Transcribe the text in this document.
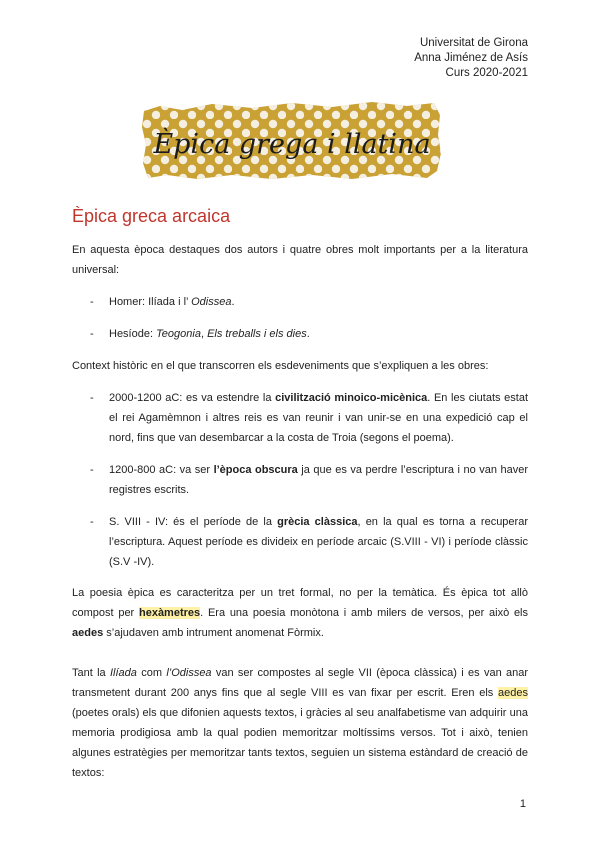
Universitat de Girona
Anna Jiménez de Asís
Curs 2020-2021
Èpica grega i llatina
Èpica greca arcaica

En aquesta època destaques dos autors i quatre obres molt importants per a la literatura universal:

- Homer: Ilíada i l’ Odissea.
- Hesíode: Teogonia, Els treballs i els dies.

Context històric en el que transcorren els esdeveniments que s’expliquen a les obres:

- 2000-1200 aC: es va estendre la civilització minoico-micènica. En les ciutats estat el rei Agamèmnon i altres reis es van reunir i van unir-se en una expedició cap el nord, fins que van desembarcar a la costa de Troia (segons el poema).
- 1200-800 aC: va ser l’època obscura ja que es va perdre l’escriptura i no van haver registres escrits.
- S. VIII - IV: és el període de la grècia clàssica, en la qual es torna a recuperar l’escriptura. Aquest període es divideix en període arcaic (S.VIII - VI) i període clàssic (S.V -IV).

La poesia èpica es caracteritza per un tret formal, no per la temàtica. És èpica tot allò compost per hexàmetres. Era una poesia monòtona i amb milers de versos, per això els aedes s’ajudaven amb intrument anomenat Fòrmix.

Tant la Ilíada com l’Odissea van ser compostes al segle VII (època clàssica) i es van anar transmetent durant 200 anys fins que al segle VIII es van fixar per escrit. Eren els aedes (poetes orals) els que difonien aquests textos, i gràcies al seu analfabetisme van adquirir una memoria prodigiosa amb la qual podien memoritzar moltíssims versos. Tot i això, tenien algunes estratègies per memoritzar tants textos, seguien un sistema estàndard de creació de textos:

1
